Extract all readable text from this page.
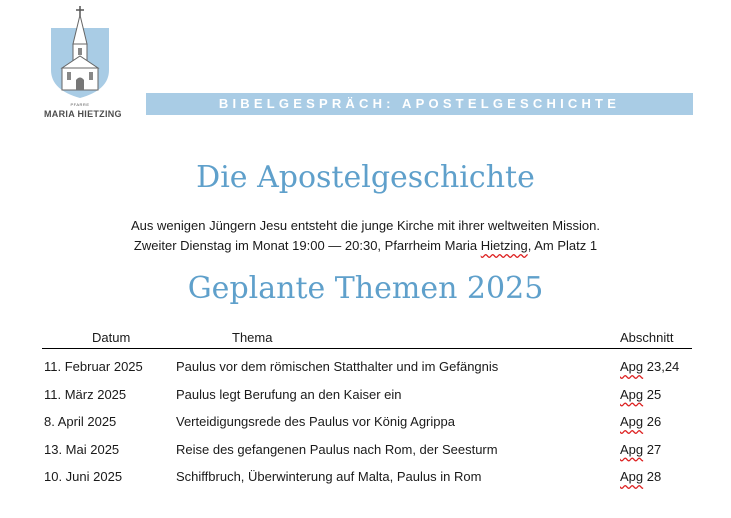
PFARRE
MARIA HIETZING
BIBELGESPRÄCH: APOSTELGESCHICHTE
Die Apostelgeschichte
Aus wenigen Jüngern Jesu entsteht die junge Kirche mit ihrer weltweiten Mission.
Zweiter Dienstag im Monat 19:00 — 20:30, Pfarrheim Maria Hietzing, Am Platz 1
Geplante Themen 2025
Datum	Thema	Abschnitt
11. Februar 2025	Paulus vor dem römischen Statthalter und im Gefängnis	Apg 23,24
11. März 2025	Paulus legt Berufung an den Kaiser ein	Apg 25
8. April 2025	Verteidigungsrede des Paulus vor König Agrippa	Apg 26
13. Mai 2025	Reise des gefangenen Paulus nach Rom, der Seesturm	Apg 27
10. Juni 2025	Schiffbruch, Überwinterung auf Malta, Paulus in Rom	Apg 28
